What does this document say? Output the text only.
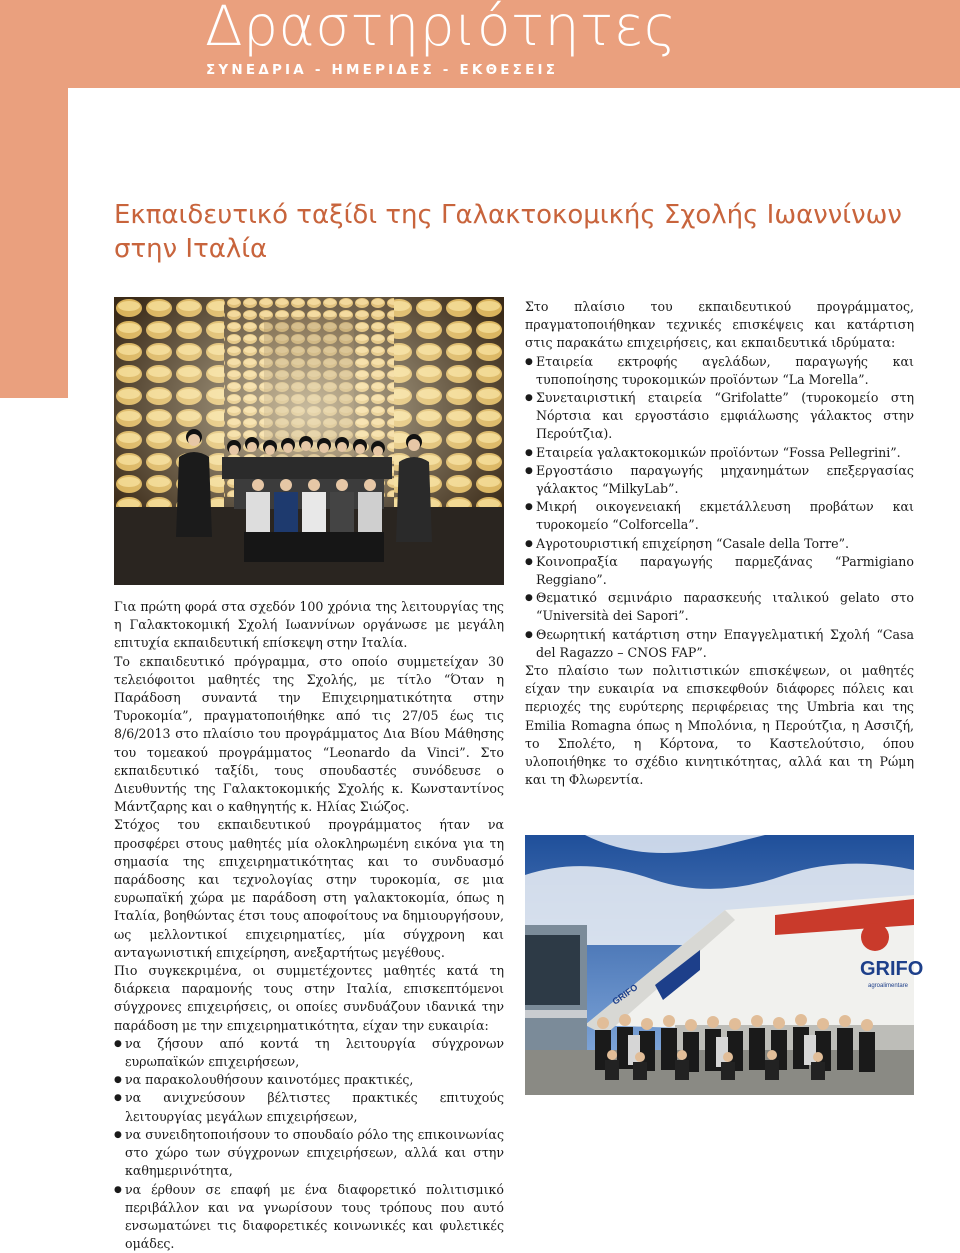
Δραστηριότητες
ΣΥΝΕΔΡΙΑ - ΗΜΕΡΙΔΕΣ - ΕΚΘΕΣΕΙΣ
Εκπαιδευτικό ταξίδι της Γαλακτοκομικής Σχολής Ιωαννίνων στην Ιταλία

Για πρώτη φορά στα σχεδόν 100 χρόνια της λειτουργίας της η Γαλακτοκομική Σχολή Ιωαννίνων οργάνωσε με μεγάλη επιτυχία εκπαιδευτική επίσκεψη στην Ιταλία.

Το εκπαιδευτικό πρόγραμμα, στο οποίο συμμετείχαν 30 τελειόφοιτοι μαθητές της Σχολής, με τίτλο “Όταν η Παράδοση συναντά την Επιχειρηματικότητα στην Τυροκομία”, πραγματοποιήθηκε από τις 27/05 έως τις 8/6/2013 στο πλαίσιο του προγράμματος Δια Βίου Μάθησης του τομεακού προγράμματος “Leonardo da Vinci”. Στο εκπαιδευτικό ταξίδι, τους σπουδαστές συνόδευσε ο Διευθυντής της Γαλακτοκομικής Σχολής κ. Κωνσταντίνος Μάντζαρης και ο καθηγητής κ. Ηλίας Σιώζος.

Στόχος του εκπαιδευτικού προγράμματος ήταν να προσφέρει στους μαθητές μία ολοκληρωμένη εικόνα για τη σημασία της επιχειρηματικότητας και το συνδυασμό παράδοσης και τεχνολογίας στην τυροκομία, σε μια ευρωπαϊκή χώρα με παράδοση στη γαλακτοκομία, όπως η Ιταλία, βοηθώντας έτσι τους αποφοίτους να δημιουργήσουν, ως μελλοντικοί επιχειρηματίες, μία σύγχρονη και ανταγωνιστική επιχείρηση, ανεξαρτήτως μεγέθους.

Πιο συγκεκριμένα, οι συμμετέχοντες μαθητές κατά τη διάρκεια παραμονής τους στην Ιταλία, επισκεπτόμενοι σύγχρονες επιχειρήσεις, οι οποίες συνδυάζουν ιδανικά την παράδοση με την επιχειρηματικότητα, είχαν την ευκαιρία:

● να ζήσουν από κοντά τη λειτουργία σύγχρονων ευρωπαϊκών επιχειρήσεων,
● να παρακολουθήσουν καινοτόμες πρακτικές,
● να ανιχνεύσουν βέλτιστες πρακτικές επιτυχούς λειτουργίας μεγάλων επιχειρήσεων,
● να συνειδητοποιήσουν το σπουδαίο ρόλο της επικοινωνίας στο χώρο των σύγχρονων επιχειρήσεων, αλλά και στην καθημερινότητα,
● να έρθουν σε επαφή με ένα διαφορετικό πολιτισμικό περιβάλλον και να γνωρίσουν τους τρόπους που αυτό ενσωματώνει τις διαφορετικές κοινωνικές και φυλετικές ομάδες.

Στο πλαίσιο του εκπαιδευτικού προγράμματος, πραγματοποιήθηκαν τεχνικές επισκέψεις και κατάρτιση στις παρακάτω επιχειρήσεις, και εκπαιδευτικά ιδρύματα:

● Εταιρεία εκτροφής αγελάδων, παραγωγής και τυποποίησης τυροκομικών προϊόντων “La Morella”.
● Συνεταιριστική εταιρεία “Grifolatte” (τυροκομείο στη Νόρτσια και εργοστάσιο εμφιάλωσης γάλακτος στην Περούτζια).
● Εταιρεία γαλακτοκομικών προϊόντων “Fossa Pellegrini”.
● Εργοστάσιο παραγωγής μηχανημάτων επεξεργασίας γάλακτος “MilkyLab”.
● Μικρή οικογενειακή εκμετάλλευση προβάτων και τυροκομείο “Colforcella”.
● Αγροτουριστική επιχείρηση “Casale della Torre”.
● Κοινοπραξία παραγωγής παρμεζάνας “Parmigiano Reggiano”.
● Θεματικό σεμινάριο παρασκευής ιταλικού gelato στο “Università dei Sapori”.
● Θεωρητική κατάρτιση στην Επαγγελματική Σχολή “Casa del Ragazzo – CNOS FAP”.

Στο πλαίσιο των πολιτιστικών επισκέψεων, οι μαθητές είχαν την ευκαιρία να επισκεφθούν διάφορες πόλεις και περιοχές της ευρύτερης περιφέρειας της Umbria και της Emilia Romagna όπως η Μπολόνια, η Περούτζια, η Ασσιζή, το Σπολέτο, η Κόρτονα, το Καστελούτσιο, όπου υλοποιήθηκε το σχέδιο κινητικότητας, αλλά και τη Ρώμη και τη Φλωρεντία.

GRIFO
agroalimentare
GRIFO
